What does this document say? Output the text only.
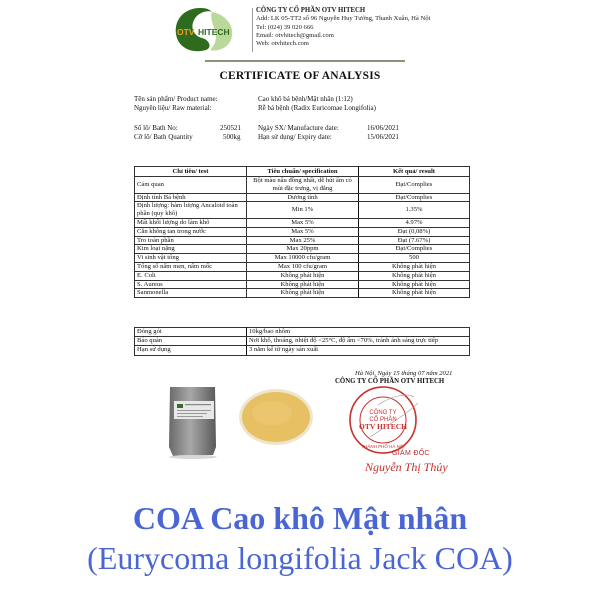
OTV HITECH
CÔNG TY CỔ PHẦN OTV HITECH
Add: LK 05-TT2 số 96 Nguyễn Huy Tưởng, Thanh Xuân, Hà Nội
Tel: (024) 39 020 666
Email: otvhitech@gmail.com
Web: otvhitech.com
CERTIFICATE OF ANALYSIS
Tên sản phẩm/ Product name:	Cao khô bá bệnh/Mật nhân (1:12)
Nguyên liệu/ Raw material:	Rễ bá bệnh (Radix Euricomae Longifolia)
Số lô/ Bath No:	250521
Cỡ lô/ Bath Quantity	500kg
Ngày SX/ Manufacture date:	16/06/2021
Hạn sử dụng/ Expiry date:	15/06/2021
Chỉ tiêu/ test	Tiêu chuẩn/ specification	Kết quả/ result
Cảm quan	Bột màu nâu đồng nhất, dễ hút ẩm có mùi đặc trưng, vị đắng	Đạt/Complies
Định tính Bá bệnh	Dương tính	Đạt/Complies
Định lượng: hàm lượng Ancaloid toàn phần (quy khô)	Min 1%	1.35%
Mất khối lượng do làm khô	Max 5%	4.97%
Cắn không tan trong nước	Max 5%	Đạt (0,08%)
Tro toàn phần	Max 25%	Đạt (7.67%)
Kim loại nặng	Max 20ppm	Đạt/Complies
Vi sinh vật tổng	Max 10000 cfu/gram	500
Tổng số nấm men, nấm mốc	Max 100 cfu/gram	Không phát hiện
E. Coli	Không phát hiện	Không phát hiện
S. Aureus	Không phát hiện	Không phát hiện
Sanmonella	Không phát hiện	Không phát hiện
Đóng gói	10kg/bao nhôm
Bảo quản	Nơi khô, thoáng, nhiệt độ <25°C, độ ẩm <70%, tránh ánh sáng trực tiếp
Hạn sử dụng	3 năm kể từ ngày sản xuất
Hà Nội, Ngày 15 tháng 07 năm 2021
CÔNG TY CỔ PHẦN OTV HITECH
CÔNG TY
CỔ PHẦN
OTV HITECH
THÀNH PHỐ HÀ NỘI
GIÁM ĐỐC
Nguyễn Thị Thủy
COA Cao khô Mật nhân
(Eurycoma longifolia Jack COA)
